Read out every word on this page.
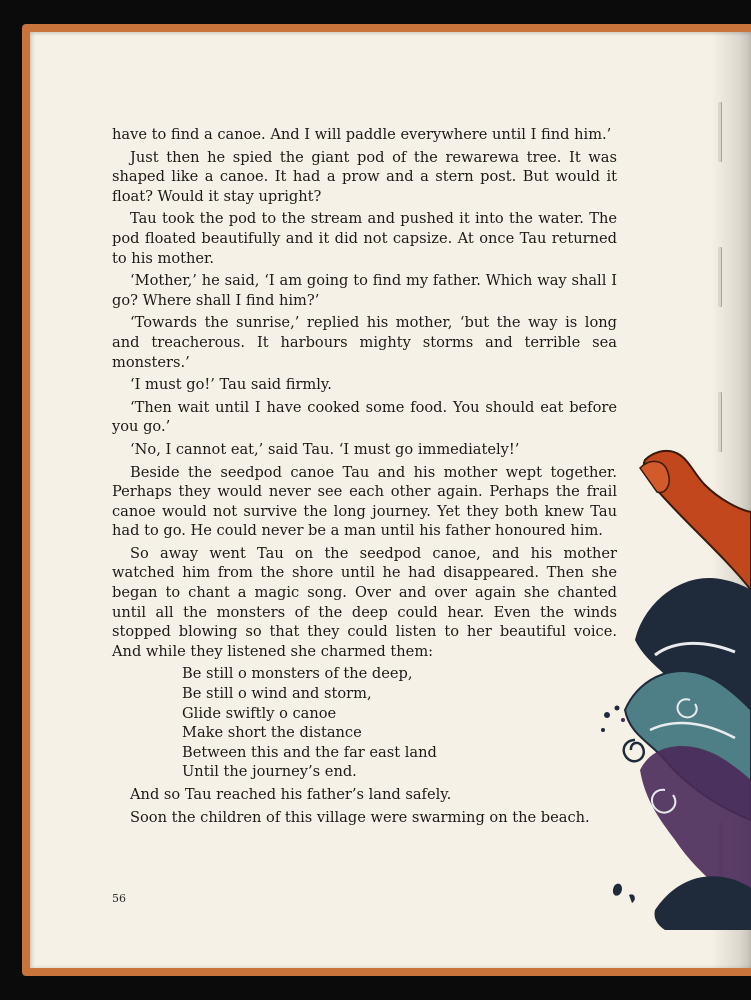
have to find a canoe. And I will paddle everywhere until I find him.’

Just then he spied the giant pod of the rewarewa tree. It was shaped like a canoe. It had a prow and a stern post. But would it float? Would it stay upright?

Tau took the pod to the stream and pushed it into the water. The pod floated beautifully and it did not capsize. At once Tau returned to his mother.

‘Mother,’ he said, ‘I am going to find my father. Which way shall I go? Where shall I find him?’

‘Towards the sunrise,’ replied his mother, ‘but the way is long and treacherous. It harbours mighty storms and terrible sea monsters.’

‘I must go!’ Tau said firmly.

‘Then wait until I have cooked some food. You should eat before you go.’

‘No, I cannot eat,’ said Tau. ‘I must go immediately!’

Beside the seedpod canoe Tau and his mother wept together. Perhaps they would never see each other again. Perhaps the frail canoe would not survive the long journey. Yet they both knew Tau had to go. He could never be a man until his father honoured him.

So away went Tau on the seedpod canoe, and his mother watched him from the shore until he had disappeared. Then she began to chant a magic song. Over and over again she chanted until all the monsters of the deep could hear. Even the winds stopped blowing so that they could listen to her beautiful voice. And while they listened she charmed them:

Be still o monsters of the deep,
Be still o wind and storm,
Glide swiftly o canoe
Make short the distance
Between this and the far east land
Until the journey’s end.

And so Tau reached his father’s land safely.

Soon the children of this village were swarming on the beach.

56
